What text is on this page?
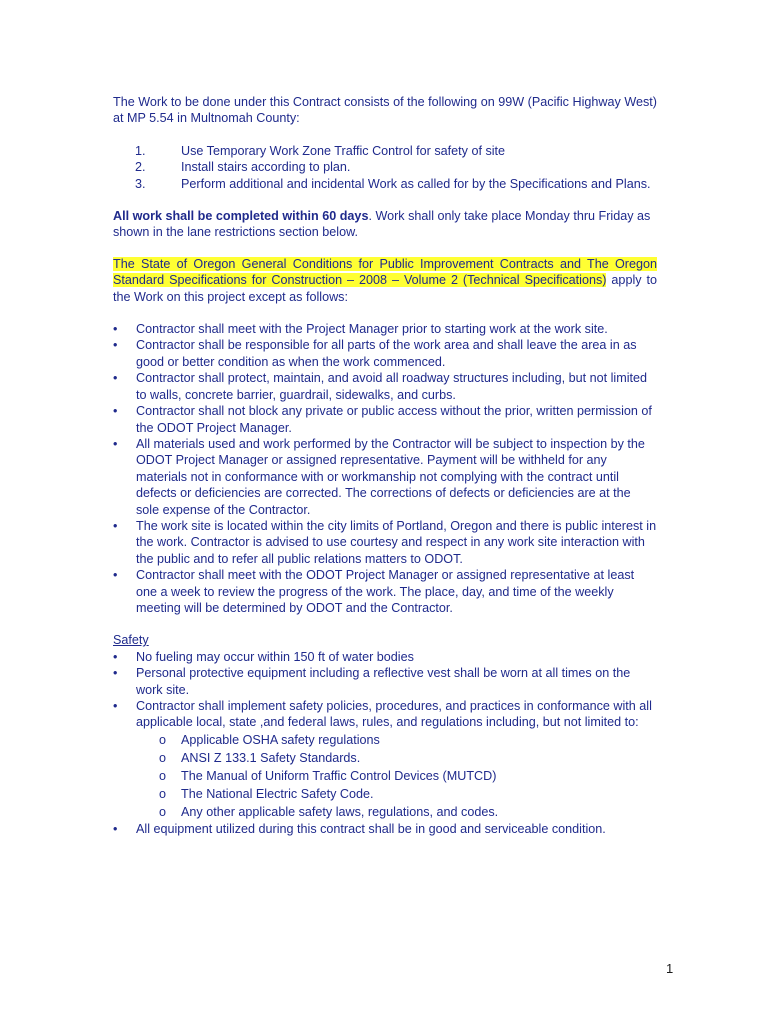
The Work to be done under this Contract consists of the following on 99W (Pacific Highway West) at MP 5.54 in Multnomah County:

1.	Use Temporary Work Zone Traffic Control for safety of site
2.	Install stairs according to plan.
3.	Perform additional and incidental Work as called for by the Specifications and Plans.

All work shall be completed within 60 days. Work shall only take place Monday thru Friday as shown in the lane restrictions section below.

The State of Oregon General Conditions for Public Improvement Contracts and The Oregon Standard Specifications for Construction – 2008 – Volume 2 (Technical Specifications) apply to the Work on this project except as follows:

• Contractor shall meet with the Project Manager prior to starting work at the work site.
• Contractor shall be responsible for all parts of the work area and shall leave the area in as good or better condition as when the work commenced.
• Contractor shall protect, maintain, and avoid all roadway structures including, but not limited to walls, concrete barrier, guardrail, sidewalks, and curbs.
• Contractor shall not block any private or public access without the prior, written permission of the ODOT Project Manager.
• All materials used and work performed by the Contractor will be subject to inspection by the ODOT Project Manager or assigned representative. Payment will be withheld for any materials not in conformance with or workmanship not complying with the contract until defects or deficiencies are corrected. The corrections of defects or deficiencies are at the sole expense of the Contractor.
• The work site is located within the city limits of Portland, Oregon and there is public interest in the work. Contractor is advised to use courtesy and respect in any work site interaction with the public and to refer all public relations matters to ODOT.
• Contractor shall meet with the ODOT Project Manager or assigned representative at least one a week to review the progress of the work. The place, day, and time of the weekly meeting will be determined by ODOT and the Contractor.

Safety

• No fueling may occur within 150 ft of water bodies
• Personal protective equipment including a reflective vest shall be worn at all times on the work site.
• Contractor shall implement safety policies, procedures, and practices in conformance with all applicable local, state ,and federal laws, rules, and regulations including, but not limited to:
o Applicable OSHA safety regulations
o ANSI Z 133.1 Safety Standards.
o The Manual of Uniform Traffic Control Devices (MUTCD)
o The National Electric Safety Code.
o Any other applicable safety laws, regulations, and codes.
• All equipment utilized during this contract shall be in good and serviceable condition.
1
